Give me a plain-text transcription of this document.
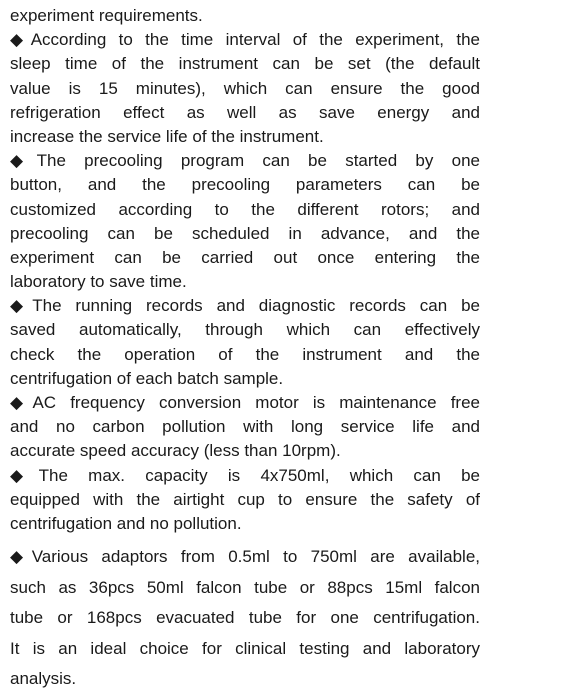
experiment requirements.
◆According to the time interval of the experiment, the
sleep time of the instrument can be set (the default
value is 15 minutes), which can ensure the good
refrigeration effect as well as save energy and
increase the service life of the instrument.
◆The precooling program can be started by one
button, and the precooling parameters can be
customized according to the different rotors; and
precooling can be scheduled in advance, and the
experiment can be carried out once entering the
laboratory to save time.
◆The running records and diagnostic records can be
saved automatically, through which can effectively
check the operation of the instrument and the
centrifugation of each batch sample.
◆AC frequency conversion motor is maintenance free
and no carbon pollution with long service life and
accurate speed accuracy (less than 10rpm).
◆The max. capacity is 4x750ml, which can be
equipped with the airtight cup to ensure the safety of
centrifugation and no pollution.
◆Various adaptors from 0.5ml to 750ml are available,
such as 36pcs 50ml falcon tube or 88pcs 15ml falcon
tube or 168pcs evacuated tube for one centrifugation.
It is an ideal choice for clinical testing and laboratory
analysis.
